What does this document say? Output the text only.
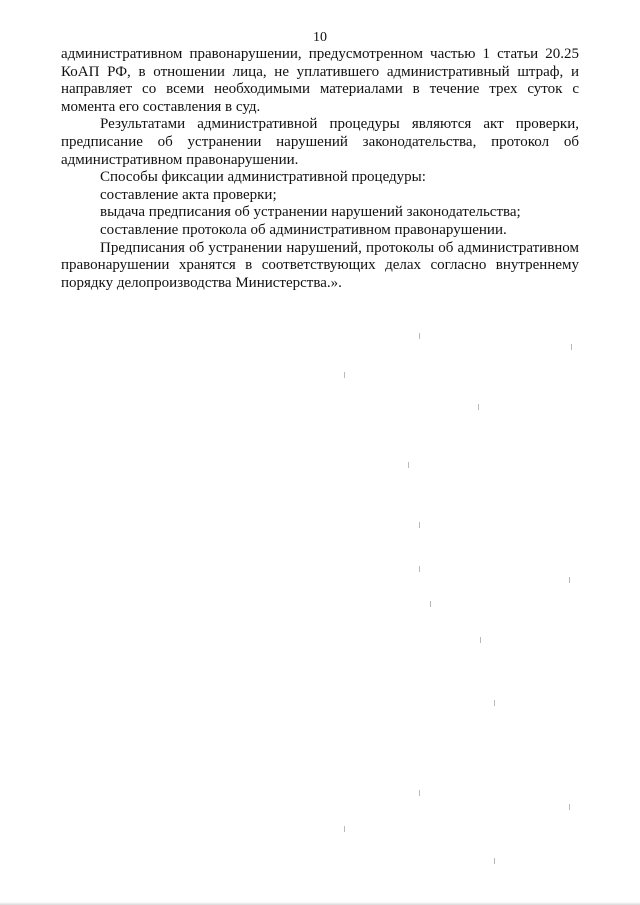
10

административном правонарушении, предусмотренном частью 1 статьи 20.25 КоАП РФ, в отношении лица, не уплатившего административный штраф, и направляет со всеми необходимыми материалами в течение трех суток с момента его составления в суд.

Результатами административной процедуры являются акт проверки, предписание об устранении нарушений законодательства, протокол об административном правонарушении.

Способы фиксации административной процедуры:

составление акта проверки;

выдача предписания об устранении нарушений законодательства;

составление протокола об административном правонарушении.

Предписания об устранении нарушений, протоколы об административном правонарушении хранятся в соответствующих делах согласно внутреннему порядку делопроизводства Министерства.».
